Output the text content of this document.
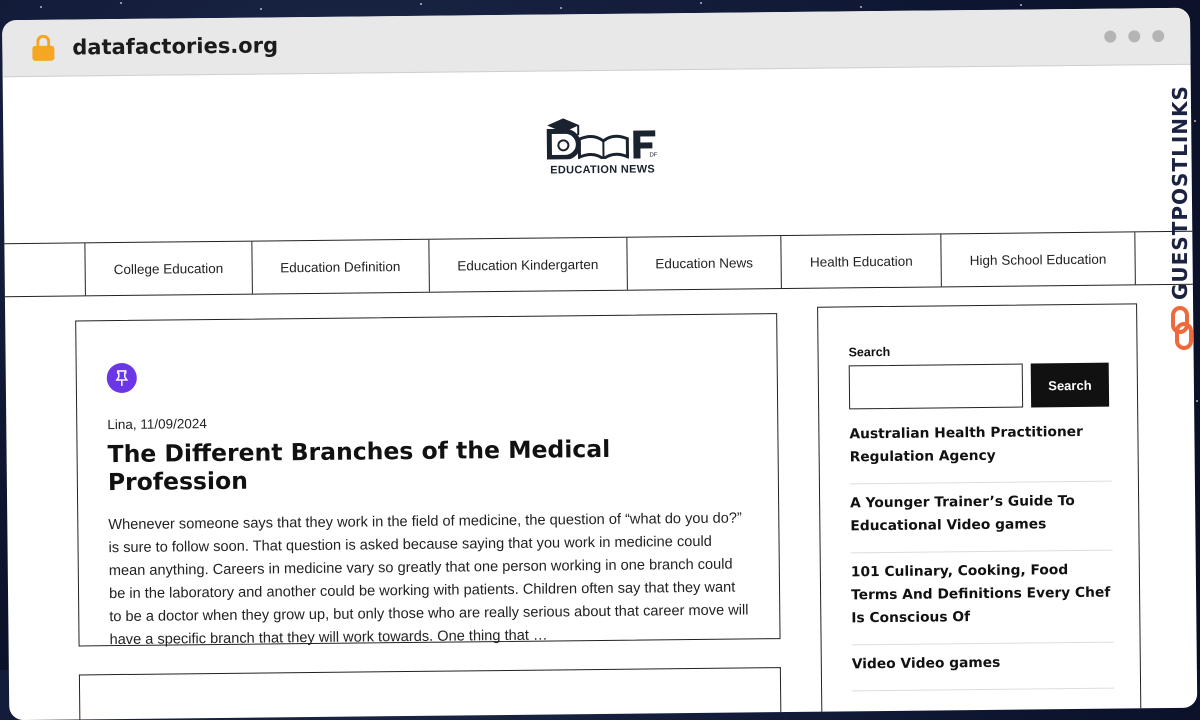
datafactories.org
DF
EDUCATION NEWS
College Education	Education Definition	Education Kindergarten	Education News	Health Education	High School Education
Lina, 11/09/2024
The Different Branches of the Medical Profession
Whenever someone says that they work in the field of medicine, the question of “what do you do?” is sure to follow soon. That question is asked because saying that you work in medicine could mean anything. Careers in medicine vary so greatly that one person working in one branch could be in the laboratory and another could be working with patients. Children often say that they want to be a doctor when they grow up, but only those who are really serious about that career move will have a specific branch that they will work towards. One thing that …
Search
Search
Australian Health Practitioner Regulation Agency
A Younger Trainer’s Guide To Educational Video games
101 Culinary, Cooking, Food Terms And Definitions Every Chef Is Conscious Of
Video Video games
GUESTPOSTLINKS
